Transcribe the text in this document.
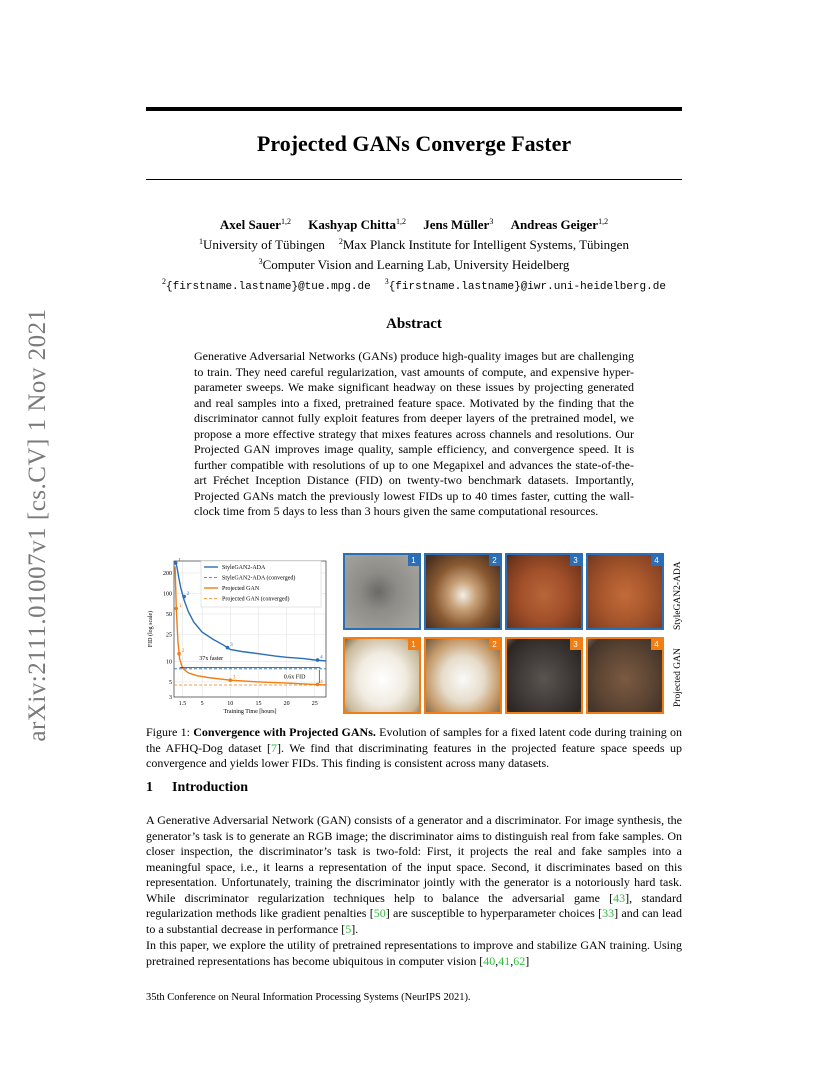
arXiv:2111.01007v1 [cs.CV] 1 Nov 2021
Projected GANs Converge Faster
Axel Sauer$^{1,2}$ Kashyap Chitta$^{1,2}$ Jens Müller$^3$ Andreas Geiger$^{1,2}$
$^1$University of Tübingen $^2$Max Planck Institute for Intelligent Systems, Tübingen
$^3$Computer Vision and Learning Lab, University Heidelberg
$^2${firstname.lastname}@tue.mpg.de $^3${firstname.lastname}@iwr.uni-heidelberg.de
Abstract
Generative Adversarial Networks (GANs) produce high-quality images but are challenging to train. They need careful regularization, vast amounts of compute, and expensive hyper-parameter sweeps. We make significant headway on these issues by projecting generated and real samples into a fixed, pretrained feature space. Motivated by the finding that the discriminator cannot fully exploit features from deeper layers of the pretrained model, we propose a more effective strategy that mixes features across channels and resolutions. Our Projected GAN improves image quality, sample efficiency, and convergence speed. It is further compatible with resolutions of up to one Megapixel and advances the state-of-the-art Fréchet Inception Distance (FID) on twenty-two benchmark datasets. Importantly, Projected GANs match the previously lowest FIDs up to 40 times faster, cutting the wall-clock time from 5 days to less than 3 hours given the same computational resources.
3
5
10
25
50
100
200
1.5 5	10	15	20	25
Training Time [hours]
FID (log scale)
1
2
3
4
1
2
3
4
37x faster
0.6x FID
StyleGAN2-ADA
StyleGAN2-ADA (converged)
Projected GAN
Projected GAN (converged)
1	2	3	4
1	2	3	4
StyleGAN2-ADA
Projected GAN
Figure 1: Convergence with Projected GANs. Evolution of samples for a fixed latent code during training on the AFHQ-Dog dataset [7]. We find that discriminating features in the projected feature space speeds up convergence and yields lower FIDs. This finding is consistent across many datasets.
1 Introduction
A Generative Adversarial Network (GAN) consists of a generator and a discriminator. For image synthesis, the generator’s task is to generate an RGB image; the discriminator aims to distinguish real from fake samples. On closer inspection, the discriminator’s task is two-fold: First, it projects the real and fake samples into a meaningful space, i.e., it learns a representation of the input space. Second, it discriminates based on this representation. Unfortunately, training the discriminator jointly with the generator is a notoriously hard task. While discriminator regularization techniques help to balance the adversarial game [43], standard regularization methods like gradient penalties [50] are susceptible to hyperparameter choices [33] and can lead to a substantial decrease in performance [5].
In this paper, we explore the utility of pretrained representations to improve and stabilize GAN training. Using pretrained representations has become ubiquitous in computer vision [40,41,62]
35th Conference on Neural Information Processing Systems (NeurIPS 2021).
